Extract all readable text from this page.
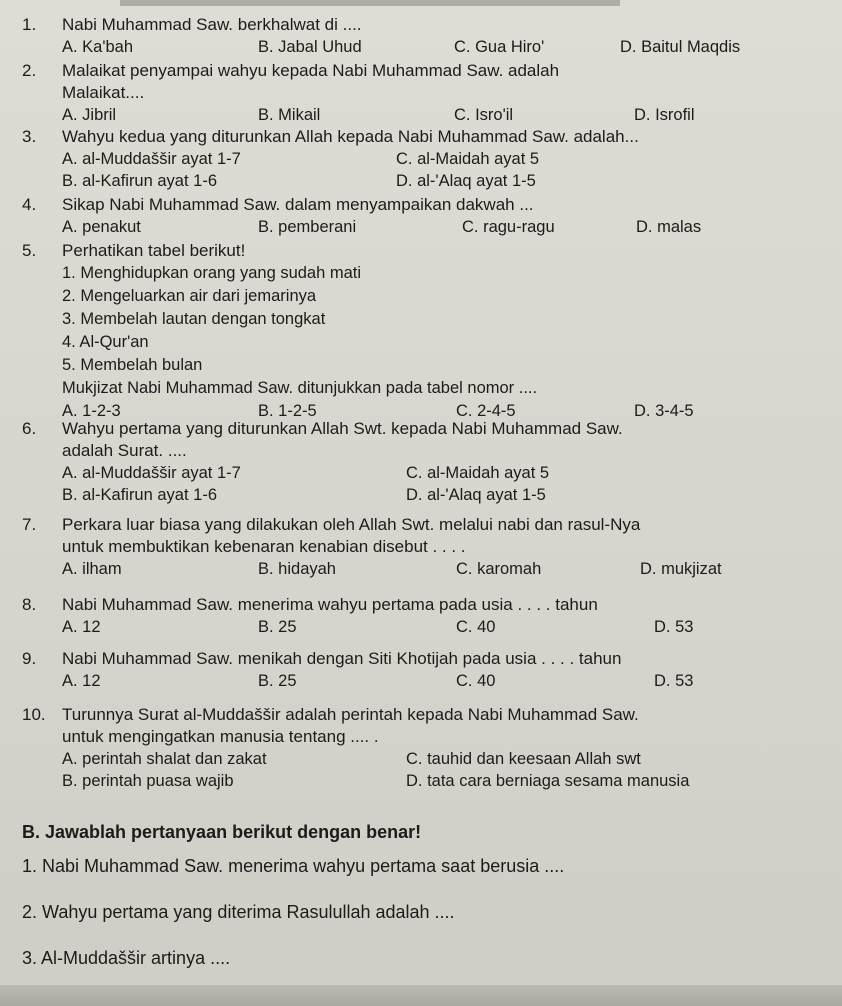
1. Nabi Muhammad Saw. berkhalwat di ....
A. Ka'bah	B. Jabal Uhud	C. Gua Hiro'	D. Baitul Maqdis
2. Malaikat penyampai wahyu kepada Nabi Muhammad Saw. adalah
Malaikat....
A. Jibril	B. Mikail	C. Isro'il	D. Isrofil
3. Wahyu kedua yang diturunkan Allah kepada Nabi Muhammad Saw. adalah...
A. al-Muddaššir ayat 1-7	C. al-Maidah ayat 5
B. al-Kafirun ayat 1-6	D. al-'Alaq ayat 1-5
4. Sikap Nabi Muhammad Saw. dalam menyampaikan dakwah ...
A. penakut	B. pemberani	C. ragu-ragu	D. malas
5. Perhatikan tabel berikut!
1. Menghidupkan orang yang sudah mati
2. Mengeluarkan air dari jemarinya
3. Membelah lautan dengan tongkat
4. Al-Qur'an
5. Membelah bulan
Mukjizat Nabi Muhammad Saw. ditunjukkan pada tabel nomor ....
A. 1-2-3	B. 1-2-5	C. 2-4-5	D. 3-4-5
6. Wahyu pertama yang diturunkan Allah Swt. kepada Nabi Muhammad Saw.
adalah Surat. ....
A. al-Muddaššir ayat 1-7	C. al-Maidah ayat 5
B. al-Kafirun ayat 1-6	D. al-'Alaq ayat 1-5
7. Perkara luar biasa yang dilakukan oleh Allah Swt. melalui nabi dan rasul-Nya
untuk membuktikan kebenaran kenabian disebut . . . .
A. ilham	B. hidayah	C. karomah	D. mukjizat
8. Nabi Muhammad Saw. menerima wahyu pertama pada usia . . . . tahun
A. 12	B. 25	C. 40	D. 53
9. Nabi Muhammad Saw. menikah dengan Siti Khotijah pada usia . . . . tahun
A. 12	B. 25	C. 40	D. 53
10. Turunnya Surat al-Muddaššir adalah perintah kepada Nabi Muhammad Saw.
untuk mengingatkan manusia tentang .... .
A. perintah shalat dan zakat	C. tauhid dan keesaan Allah swt
B. perintah puasa wajib	D. tata cara berniaga sesama manusia
B. Jawablah pertanyaan berikut dengan benar!
1. Nabi Muhammad Saw. menerima wahyu pertama saat berusia ....
2. Wahyu pertama yang diterima Rasulullah adalah ....
3. Al-Muddaššir artinya ....
